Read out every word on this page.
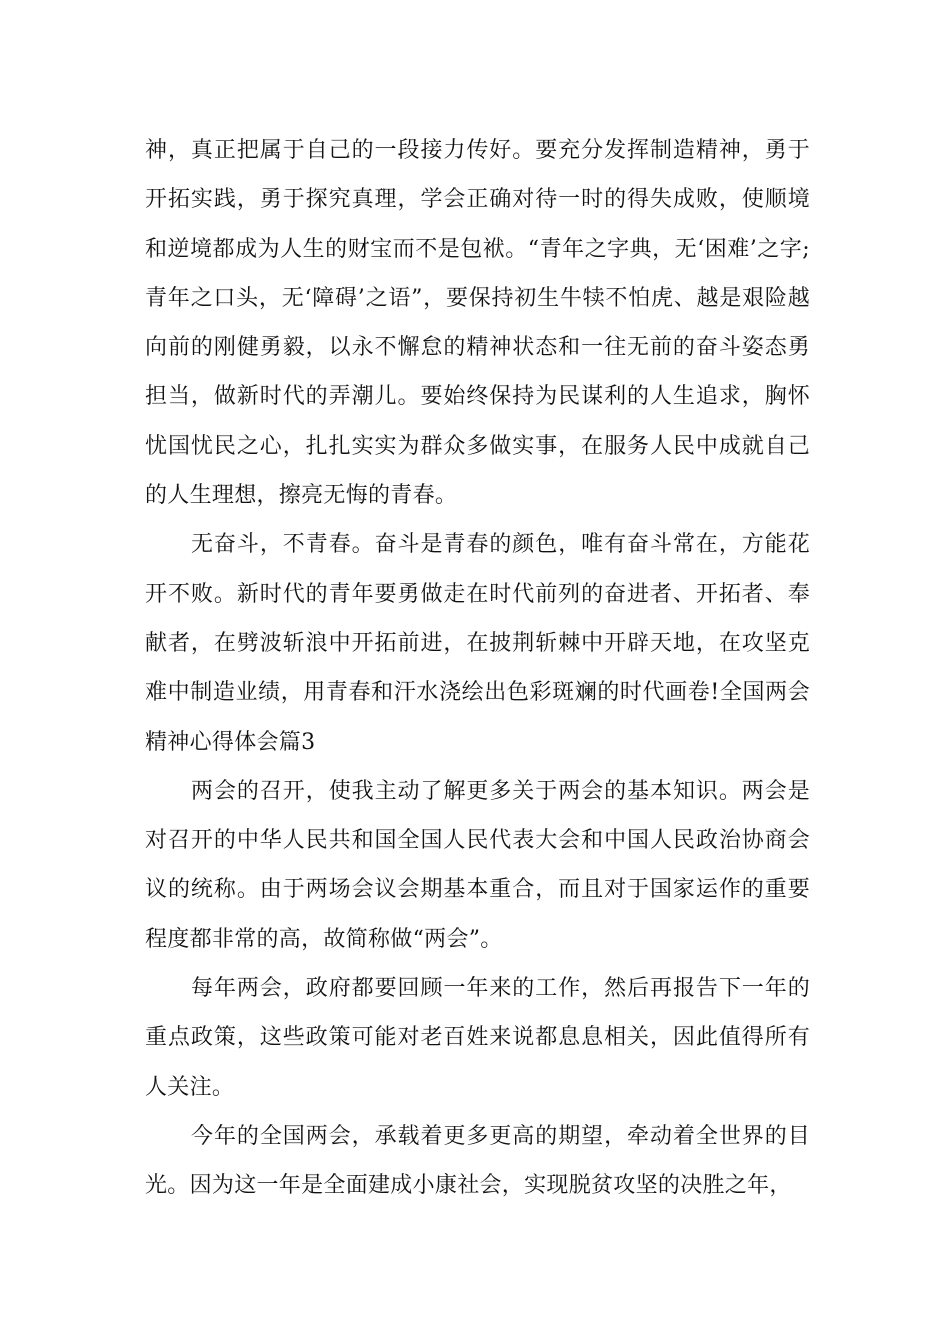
神，真正把属于自己的一段接力传好。要充分发挥制造精神，勇于开拓实践，勇于探究真理，学会正确对待一时的得失成败，使顺境和逆境都成为人生的财宝而不是包袱。“青年之字典，无‘困难’之字;青年之口头，无‘障碍’之语”，要保持初生牛犊不怕虎、越是艰险越向前的刚健勇毅，以永不懈怠的精神状态和一往无前的奋斗姿态勇担当，做新时代的弄潮儿。要始终保持为民谋利的人生追求，胸怀忧国忧民之心，扎扎实实为群众多做实事，在服务人民中成就自己的人生理想，擦亮无悔的青春。

无奋斗，不青春。奋斗是青春的颜色，唯有奋斗常在，方能花开不败。新时代的青年要勇做走在时代前列的奋进者、开拓者、奉献者，在劈波斩浪中开拓前进，在披荆斩棘中开辟天地，在攻坚克难中制造业绩，用青春和汗水浇绘出色彩斑斓的时代画卷!全国两会精神心得体会篇3

两会的召开，使我主动了解更多关于两会的基本知识。两会是对召开的中华人民共和国全国人民代表大会和中国人民政治协商会议的统称。由于两场会议会期基本重合，而且对于国家运作的重要程度都非常的高，故简称做“两会”。

每年两会，政府都要回顾一年来的工作，然后再报告下一年的重点政策，这些政策可能对老百姓来说都息息相关，因此值得所有人关注。

今年的全国两会，承载着更多更高的期望，牵动着全世界的目光。因为这一年是全面建成小康社会，实现脱贫攻坚的决胜之年，
